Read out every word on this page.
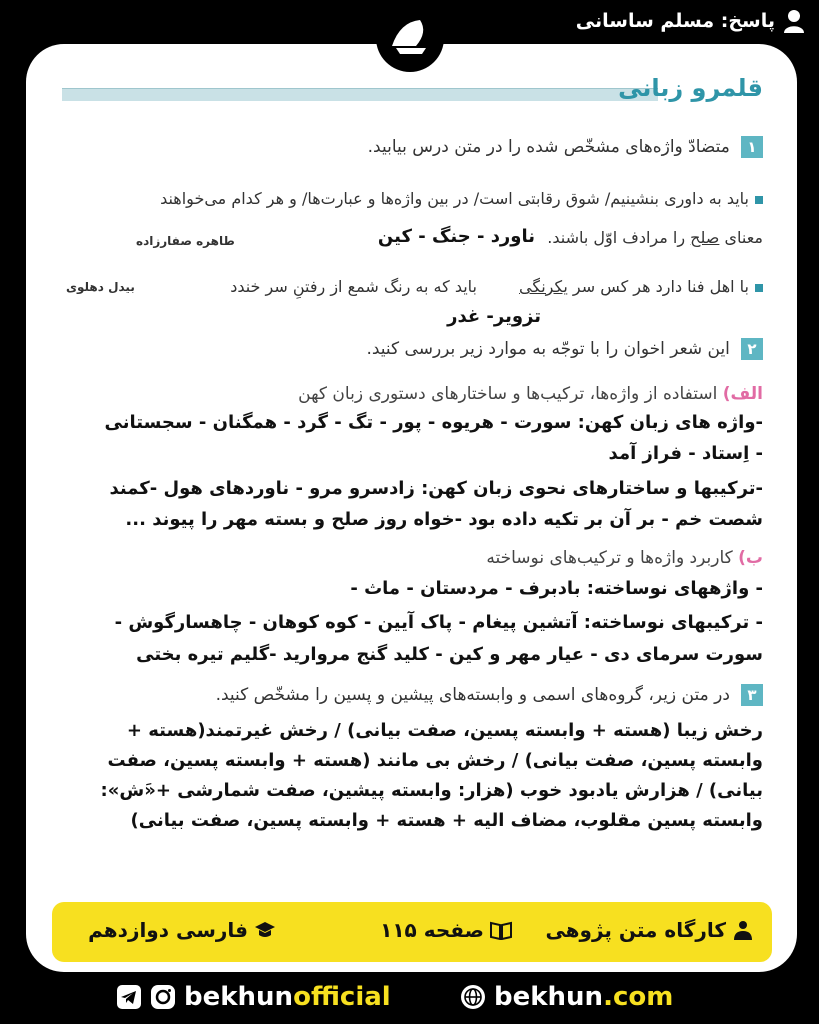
پاسخ: مسلم ساسانی
قلمرو زبانی
۱ متضادّ واژه‌های مشخّص شده را در متن درس بیابید.
باید به داوری بنشینیم/ شوق رقابتی است/ در بین واژه‌ها و عبارت‌ها/ و هر کدام می‌خواهند
معنای صلح را مرادف اوّل باشند.
ناورد - جنگ - کین
طاهره صفارزاده
با اهل فنا دارد هر کس سر یکرنگی
باید که به رنگ شمع از رفتنِ سر خندد
بیدل دهلوی
تزویر- غدر
۲ این شعر اخوان را با توجّه به موارد زیر بررسی کنید.
الف) استفاده از واژه‌ها، ترکیب‌ها و ساختارهای دستوری زبان کهن
-واژه های زبان کهن: سورت - هریوه - پور - تگ - گرد - همگنان - سجستانی
- اِستاد - فراز آمد
-ترکیبها و ساختارهای نحوی زبان کهن: زادسرو مرو - ناوردهای هول -کمند
شصت خم - بر آن بر تکیه داده بود -خواه روز صلح و بسته مهر را پیوند ...
ب) کاربرد واژه‌ها و ترکیب‌های نوساخته
- واژههای نوساخته: بادبرف - مردستان - ماث -
- ترکیبهای نوساخته: آتشین پیغام - پاک آیین - کوه کوهان - چاهسارگوش -
سورت سرمای دی - عیار مهر و کین - کلید گنج مروارید -گلیم تیره بختی
۳ در متن زیر، گروه‌های اسمی و وابسته‌های پیشین و پسین را مشخّص کنید.
رخش زیبا (هسته + وابسته پسین، صفت بیانی) / رخش غیرتمند(هسته +
وابسته پسین، صفت بیانی) / رخش بی مانند (هسته + وابسته پسین، صفت
بیانی) / هزارش یادبود خوب (هزار: وابسته پیشین، صفت شمارشی +«َش»:
وابسته پسین مقلوب، مضاف الیه + هسته + وابسته پسین، صفت بیانی)
کارگاه متن پژوهی
صفحه ۱۱۵
فارسی دوازدهم
bekhunofficial	bekhun.com
